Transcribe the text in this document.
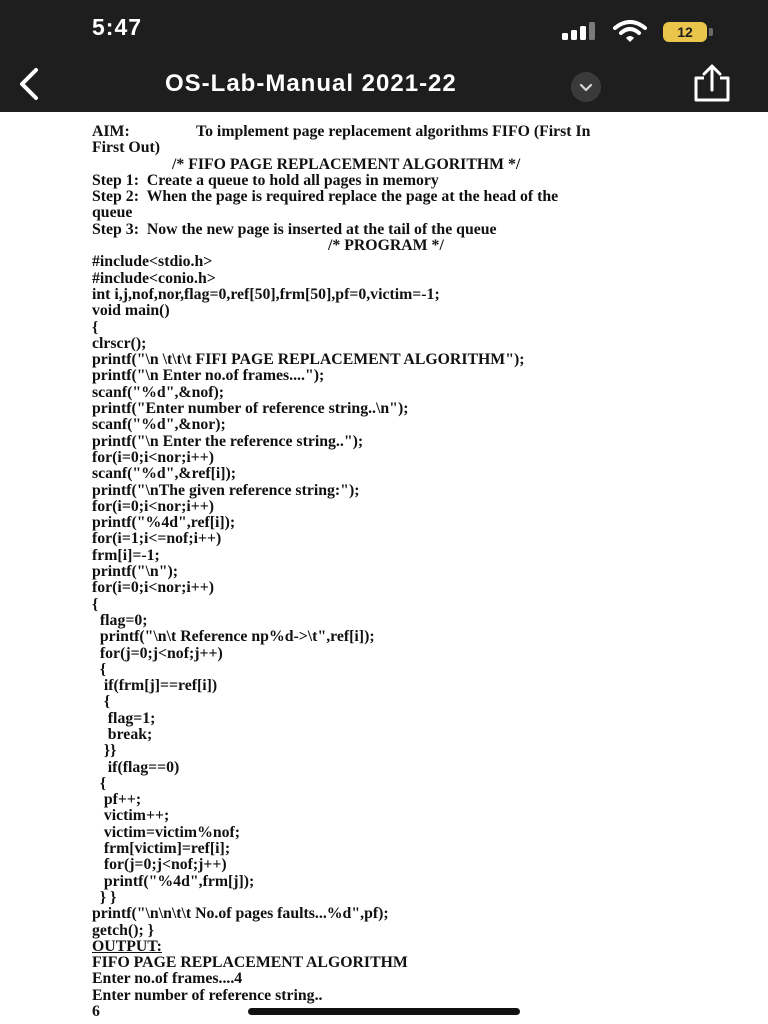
5:47	12
OS-Lab-Manual 2021-22
AIM:	To implement page replacement algorithms FIFO (First In
First Out)
/* FIFO PAGE REPLACEMENT ALGORITHM */
Step 1:  Create a queue to hold all pages in memory
Step 2:  When the page is required replace the page at the head of the
queue
Step 3:  Now the new page is inserted at the tail of the queue
/* PROGRAM */
#include<stdio.h>
#include<conio.h>
int i,j,nof,nor,flag=0,ref[50],frm[50],pf=0,victim=-1;
void main()
{
clrscr();
printf("\n \t\t\t FIFI PAGE REPLACEMENT ALGORITHM");
printf("\n Enter no.of frames....");
scanf("%d",&nof);
printf("Enter number of reference string..\n");
scanf("%d",&nor);
printf("\n Enter the reference string..");
for(i=0;i<nor;i++)
scanf("%d",&ref[i]);
printf("\nThe given reference string:");
for(i=0;i<nor;i++)
printf("%4d",ref[i]);
for(i=1;i<=nof;i++)
frm[i]=-1;
printf("\n");
for(i=0;i<nor;i++)
{
flag=0;
printf("\n\t Reference np%d->\t",ref[i]);
for(j=0;j<nof;j++)
{
if(frm[j]==ref[i])
{
flag=1;
break;
}}
if(flag==0)
{
pf++;
victim++;
victim=victim%nof;
frm[victim]=ref[i];
for(j=0;j<nof;j++)
printf("%4d",frm[j]);
} }
printf("\n\n\t\t No.of pages faults...%d",pf);
getch(); }
OUTPUT:
FIFO PAGE REPLACEMENT ALGORITHM
Enter no.of frames....4
Enter number of reference string..
6
